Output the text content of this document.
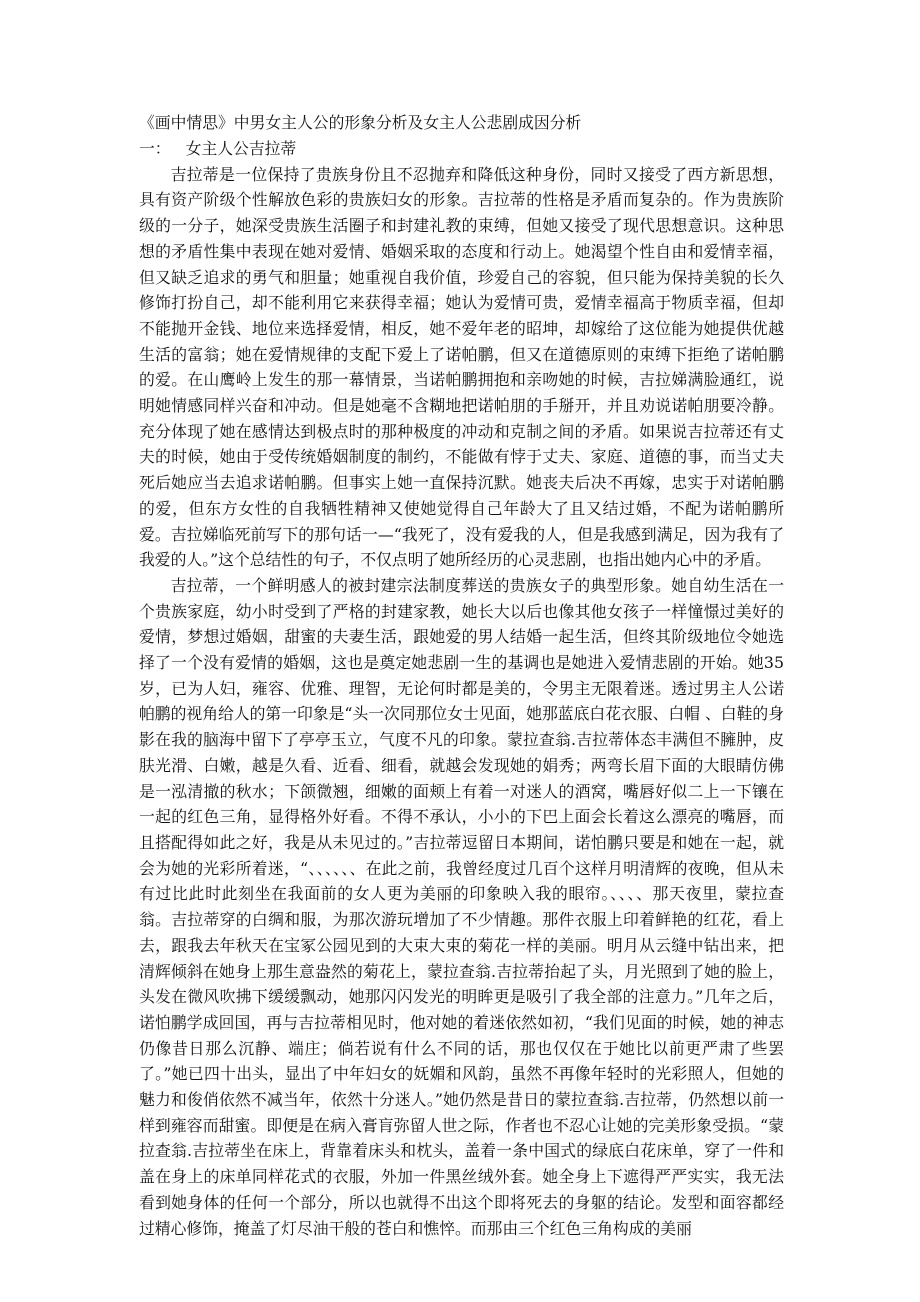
《画中情思》中男女主人公的形象分析及女主人公悲剧成因分析

一：   女主人公吉拉蒂

吉拉蒂是一位保持了贵族身份且不忍抛弃和降低这种身份，同时又接受了西方新思想，具有资产阶级个性解放色彩的贵族妇女的形象。吉拉蒂的性格是矛盾而复杂的。作为贵族阶级的一分子，她深受贵族生活圈子和封建礼教的束缚，但她又接受了现代思想意识。这种思想的矛盾性集中表现在她对爱情、婚姻采取的态度和行动上。她渴望个性自由和爱情幸福，但又缺乏追求的勇气和胆量；她重视自我价值，珍爱自己的容貌，但只能为保持美貌的长久修饰打扮自己，却不能利用它来获得幸福；她认为爱情可贵，爱情幸福高于物质幸福，但却不能抛开金钱、地位来选择爱情，相反，她不爱年老的昭坤，却嫁给了这位能为她提供优越生活的富翁；她在爱情规律的支配下爱上了诺帕鹏，但又在道德原则的束缚下拒绝了诺帕鹏的爱。在山鹰岭上发生的那一幕情景，当诺帕鹏拥抱和亲吻她的时候，吉拉娣满脸通红，说明她情感同样兴奋和冲动。但是她毫不含糊地把诺帕朋的手掰开，并且劝说诺帕朋要冷静。充分体现了她在感情达到极点时的那种极度的冲动和克制之间的矛盾。如果说吉拉蒂还有丈夫的时候，她由于受传统婚姻制度的制约，不能做有悖于丈夫、家庭、道德的事，而当丈夫死后她应当去追求诺帕鹏。但事实上她一直保持沉默。她丧夫后决不再嫁，忠实于对诺帕鹏的爱，但东方女性的自我牺牲精神又使她觉得自己年龄大了且又结过婚，不配为诺帕鹏所爱。吉拉娣临死前写下的那句话一—“我死了，没有爱我的人，但是我感到满足，因为我有了我爱的人。”这个总结性的句子，不仅点明了她所经历的心灵悲剧，也指出她内心中的矛盾。

吉拉蒂，一个鲜明感人的被封建宗法制度葬送的贵族女子的典型形象。她自幼生活在一个贵族家庭，幼小时受到了严格的封建家教，她长大以后也像其他女孩子一样憧憬过美好的爱情，梦想过婚姻，甜蜜的夫妻生活，跟她爱的男人结婚一起生活，但终其阶级地位令她选择了一个没有爱情的婚姻，这也是奠定她悲剧一生的基调也是她进入爱情悲剧的开始。她35岁，已为人妇，雍容、优雅、理智，无论何时都是美的，令男主无限着迷。透过男主人公诺帕鹏的视角给人的第一印象是“头一次同那位女士见面，她那蓝底白花衣服、白帽 、白鞋的身影在我的脑海中留下了亭亭玉立，气度不凡的印象。蒙拉查翁.吉拉蒂体态丰满但不臃肿，皮肤光滑、白嫩，越是久看、近看、细看，就越会发现她的娟秀；两弯长眉下面的大眼睛仿佛是一泓清撤的秋水；下颌微翘，细嫩的面颊上有着一对迷人的酒窝，嘴唇好似二上一下镶在一起的红色三角，显得格外好看。不得不承认，小小的下巴上面会长着这么漂亮的嘴唇，而且搭配得如此之好，我是从未见过的。”吉拉蒂逗留日本期间，诺怕鹏只要是和她在一起，就会为她的光彩所着迷，“、、、、、、在此之前，我曾经度过几百个这样月明清辉的夜晚，但从未有过比此时此刻坐在我面前的女人更为美丽的印象映入我的眼帘。、、、、那天夜里，蒙拉查翁。吉拉蒂穿的白绸和服，为那次游玩增加了不少情趣。那件衣服上印着鲜艳的红花，看上去，跟我去年秋天在宝冢公园见到的大束大束的菊花一样的美丽。明月从云缝中钻出来，把清辉倾斜在她身上那生意盎然的菊花上，蒙拉查翁.吉拉蒂抬起了头，月光照到了她的脸上，头发在微风吹拂下缓缓飘动，她那闪闪发光的明眸更是吸引了我全部的注意力。”几年之后，诺怕鹏学成回国，再与吉拉蒂相见时，他对她的着迷依然如初，“我们见面的时候，她的神志仍像昔日那么沉静、端庄；倘若说有什么不同的话，那也仅仅在于她比以前更严肃了些罢了。”她已四十出头，显出了中年妇女的妩媚和风韵，虽然不再像年轻时的光彩照人，但她的魅力和俊俏依然不减当年，依然十分迷人。”她仍然是昔日的蒙拉查翁.吉拉蒂，仍然想以前一样到雍容而甜蜜。即便是在病入膏肓弥留人世之际，作者也不忍心让她的完美形象受损。“蒙拉查翁.吉拉蒂坐在床上，背靠着床头和枕头，盖着一条中国式的绿底白花床单，穿了一件和盖在身上的床单同样花式的衣服，外加一件黑丝绒外套。她全身上下遮得严严实实，我无法看到她身体的任何一个部分，所以也就得不出这个即将死去的身躯的结论。发型和面容都经过精心修饰，掩盖了灯尽油干般的苍白和憔悴。而那由三个红色三角构成的美丽
